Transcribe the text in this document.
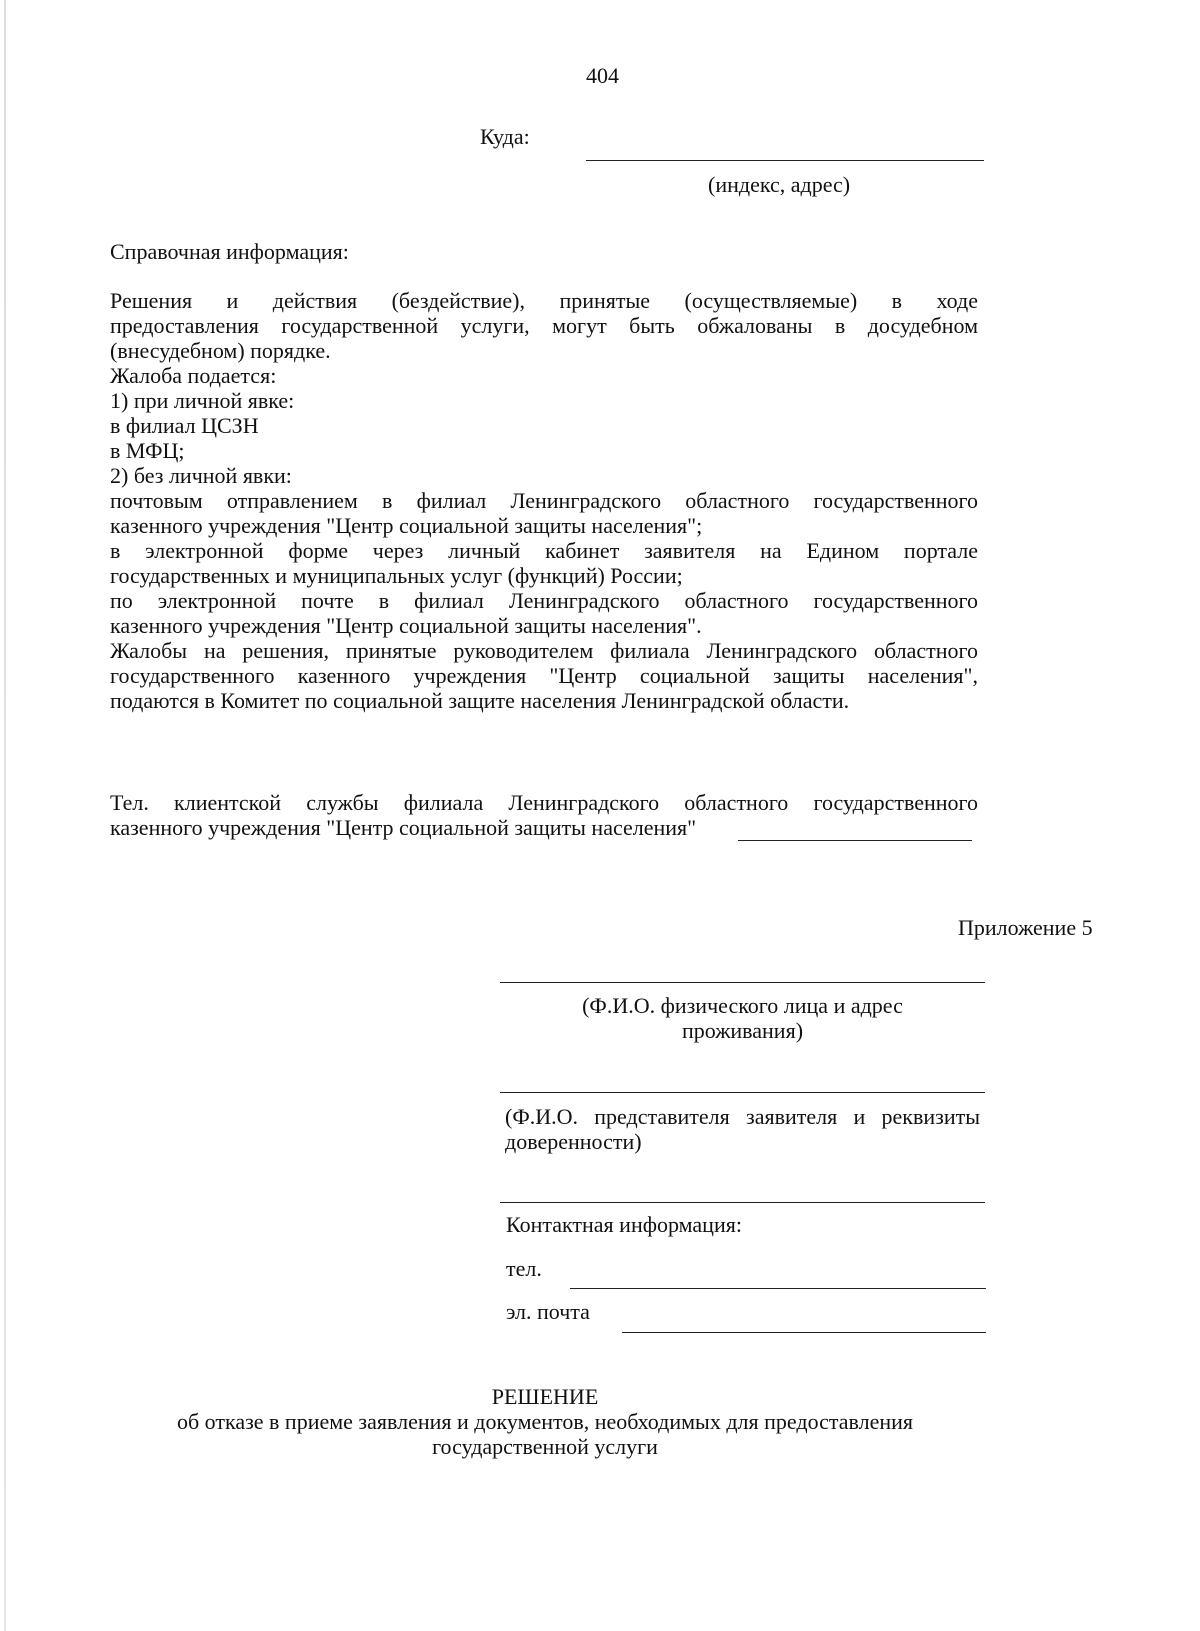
404
Куда:
(индекс, адрес)
Справочная информация:
Решения и действия (бездействие), принятые (осуществляемые) в ходе
предоставления государственной услуги, могут быть обжалованы в досудебном
(внесудебном) порядке.
Жалоба подается:
1) при личной явке:
в филиал ЦСЗН
в МФЦ;
2) без личной явки:
почтовым отправлением в филиал Ленинградского областного государственного
казенного учреждения "Центр социальной защиты населения";
в электронной форме через личный кабинет заявителя на Едином портале
государственных и муниципальных услуг (функций) России;
по электронной почте в филиал Ленинградского областного государственного
казенного учреждения "Центр социальной защиты населения".
Жалобы на решения, принятые руководителем филиала Ленинградского областного
государственного казенного учреждения "Центр социальной защиты населения",
подаются в Комитет по социальной защите населения Ленинградской области.
Тел. клиентской службы филиала Ленинградского областного государственного
казенного учреждения "Центр социальной защиты населения"
Приложение 5
(Ф.И.О. физического лица и адрес
проживания)
(Ф.И.О. представителя заявителя и реквизиты
доверенности)
Контактная информация:
тел.
эл. почта
РЕШЕНИЕ
об отказе в приеме заявления и документов, необходимых для предоставления
государственной услуги
